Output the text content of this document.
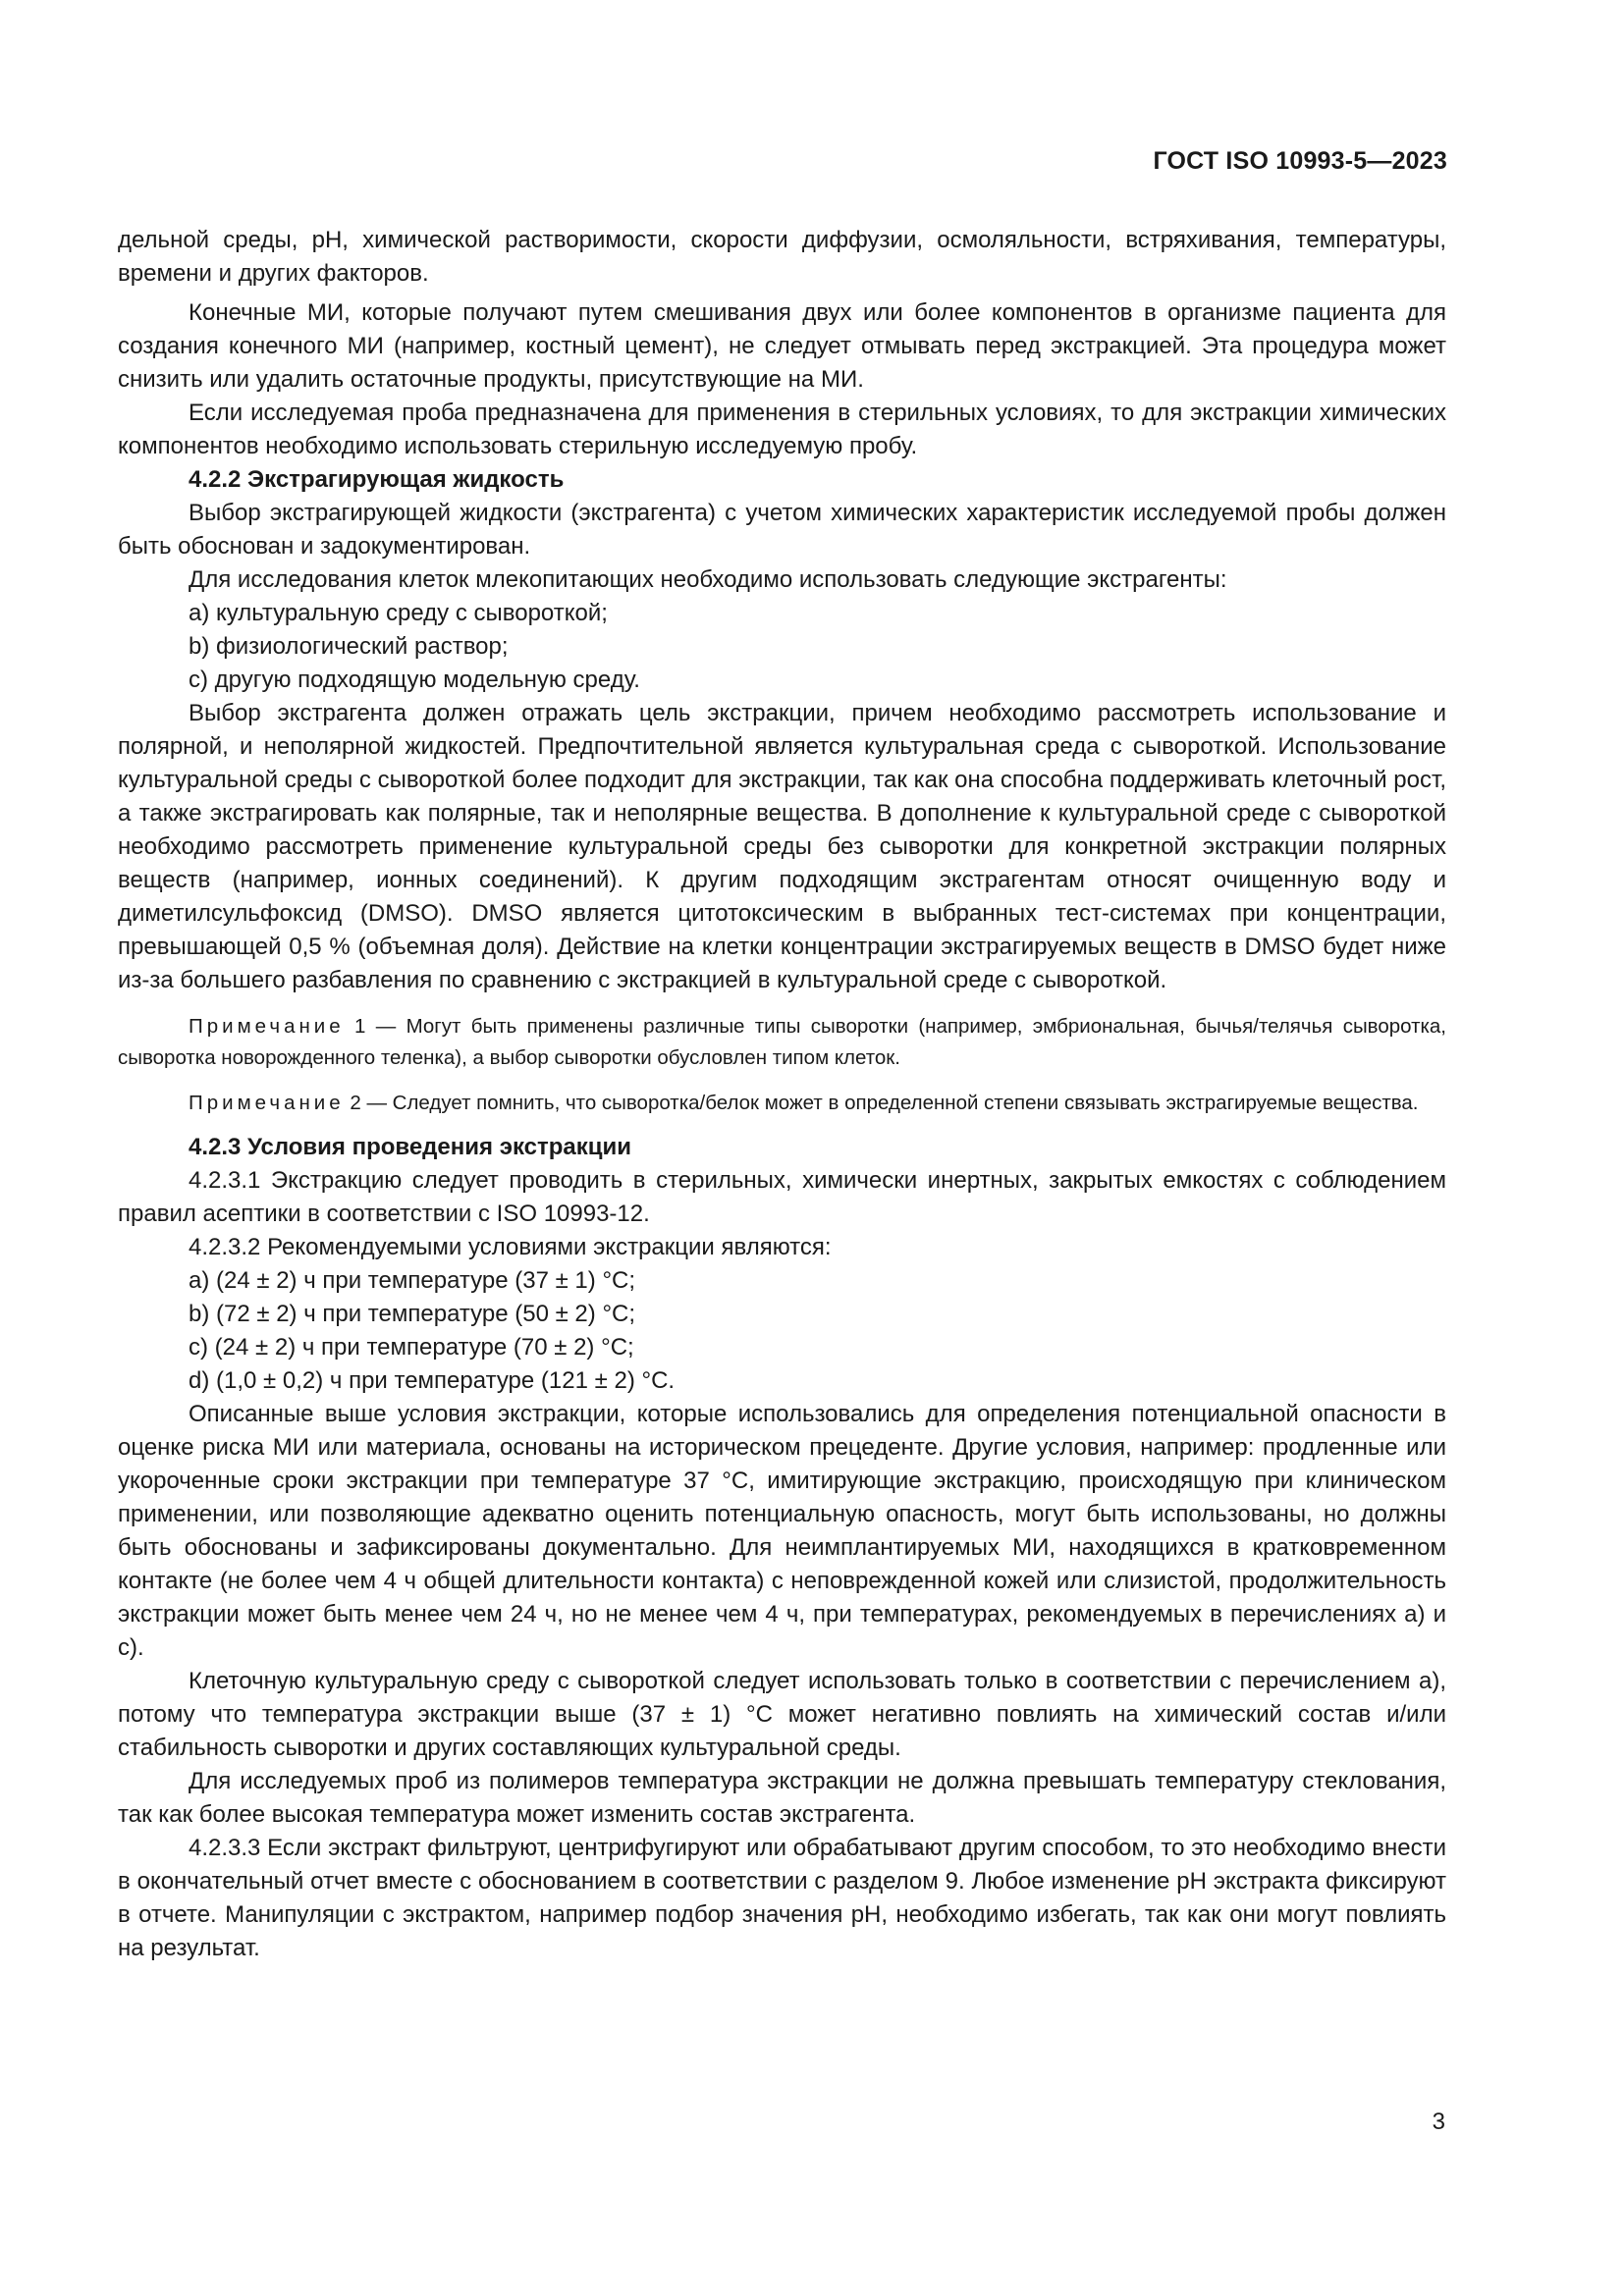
ГОСТ ISO 10993-5—2023

дельной среды, pH, химической растворимости, скорости диффузии, осмоляльности, встряхивания, температуры, времени и других факторов.

Конечные МИ, которые получают путем смешивания двух или более компонентов в организме пациента для создания конечного МИ (например, костный цемент), не следует отмывать перед экстракцией. Эта процедура может снизить или удалить остаточные продукты, присутствующие на МИ.

Если исследуемая проба предназначена для применения в стерильных условиях, то для экстракции химических компонентов необходимо использовать стерильную исследуемую пробу.

4.2.2 Экстрагирующая жидкость

Выбор экстрагирующей жидкости (экстрагента) с учетом химических характеристик исследуемой пробы должен быть обоснован и задокументирован.

Для исследования клеток млекопитающих необходимо использовать следующие экстрагенты:

a) культуральную среду с сывороткой;

b) физиологический раствор;

c) другую подходящую модельную среду.

Выбор экстрагента должен отражать цель экстракции, причем необходимо рассмотреть использование и полярной, и неполярной жидкостей. Предпочтительной является культуральная среда с сывороткой. Использование культуральной среды с сывороткой более подходит для экстракции, так как она способна поддерживать клеточный рост, а также экстрагировать как полярные, так и неполярные вещества. В дополнение к культуральной среде с сывороткой необходимо рассмотреть применение культуральной среды без сыворотки для конкретной экстракции полярных веществ (например, ионных соединений). К другим подходящим экстрагентам относят очищенную воду и диметилсульфоксид (DMSO). DMSO является цитотоксическим в выбранных тест-системах при концентрации, превышающей 0,5 % (объемная доля). Действие на клетки концентрации экстрагируемых веществ в DMSO будет ниже из-за большего разбавления по сравнению с экстракцией в культуральной среде с сывороткой.

Примечание 1 — Могут быть применены различные типы сыворотки (например, эмбриональная, бычья/телячья сыворотка, сыворотка новорожденного теленка), а выбор сыворотки обусловлен типом клеток.

Примечание 2 — Следует помнить, что сыворотка/белок может в определенной степени связывать экстрагируемые вещества.

4.2.3 Условия проведения экстракции

4.2.3.1 Экстракцию следует проводить в стерильных, химически инертных, закрытых емкостях с соблюдением правил асептики в соответствии с ISO 10993-12.

4.2.3.2 Рекомендуемыми условиями экстракции являются:

a) (24 ± 2) ч при температуре (37 ± 1) °C;

b) (72 ± 2) ч при температуре (50 ± 2) °C;

c) (24 ± 2) ч при температуре (70 ± 2) °C;

d) (1,0 ± 0,2) ч при температуре (121 ± 2) °C.

Описанные выше условия экстракции, которые использовались для определения потенциальной опасности в оценке риска МИ или материала, основаны на историческом прецеденте. Другие условия, например: продленные или укороченные сроки экстракции при температуре 37 °C, имитирующие экстракцию, происходящую при клиническом применении, или позволяющие адекватно оценить потенциальную опасность, могут быть использованы, но должны быть обоснованы и зафиксированы документально. Для неимплантируемых МИ, находящихся в кратковременном контакте (не более чем 4 ч общей длительности контакта) с неповрежденной кожей или слизистой, продолжительность экстракции может быть менее чем 24 ч, но не менее чем 4 ч, при температурах, рекомендуемых в перечислениях а) и с).

Клеточную культуральную среду с сывороткой следует использовать только в соответствии с перечислением а), потому что температура экстракции выше (37 ± 1) °C может негативно повлиять на химический состав и/или стабильность сыворотки и других составляющих культуральной среды.

Для исследуемых проб из полимеров температура экстракции не должна превышать температуру стеклования, так как более высокая температура может изменить состав экстрагента.

4.2.3.3 Если экстракт фильтруют, центрифугируют или обрабатывают другим способом, то это необходимо внести в окончательный отчет вместе с обоснованием в соответствии с разделом 9. Любое изменение pH экстракта фиксируют в отчете. Манипуляции с экстрактом, например подбор значения pH, необходимо избегать, так как они могут повлиять на результат.

3
